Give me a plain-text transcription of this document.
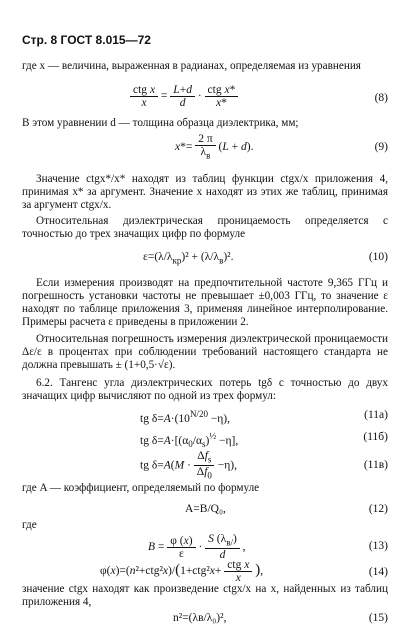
Стр. 8 ГОСТ 8.015—72

где x — величина, выраженная в радианах, определяемая из уравнения

$\frac{\text{ctg x}}{x} = \frac{L+d}{d} \cdot \frac{\text{ctg x*}}{x*}$	(8)

В этом уравнении d — толщина образца диэлектрика, мм;

$x*= \frac{2 \pi}{\lambda_в} (L + d)$.	(9)

Значение ctgx*/x* находят из таблиц функции ctgx/x приложения 4, принимая x* за аргумент. Значение x находят из этих же таблиц, принимая за аргумент ctgx/x.

Относительная диэлектрическая проницаемость определяется с точностью до трех значащих цифр по формуле

$\varepsilon=(\lambda/\lambda_{кр})^2 + (\lambda/\lambda_в)^2$.	(10)

Если измерения производят на предпочтительной частоте 9,365 ГГц и погрешность установки частоты не превышает ±0,003 ГГц, то значение ε находят по таблице приложения 3, применяя линейное интерполирование. Примеры расчета ε приведены в приложении 2.

Относительная погрешность измерения диэлектрической проницаемости Δε/ε в процентах при соблюдении требований настоящего стандарта не должна превышать ± (1+0,5·√ε).

6.2. Тангенс угла диэлектрических потерь tgδ с точностью до двух значащих цифр вычисляют по одной из трех формул:

tg $\delta=A\cdot(10^{N/20} -\eta)$,	(11а)
tg $\delta=A\cdot[(\alpha_0/\alpha_s)^{\frac{1}{2}} -\eta]$,	(11б)
tg $\delta=A(M \cdot \frac{\Delta f_s}{\Delta f_0} -\eta)$,	(11в)

где A — коэффициент, определяемый по формуле

A=B/Q₀,	(12)

где

$B = \frac{\varphi (x)}{\varepsilon} \cdot \frac{S (\lambda_{в/})}{d}$ ,	(13)
$\varphi(x)=(n^2+ctg^2x)/(1+ctg^2x+ \frac{\text{ctg x}}{x}$ ),	(14)

значение ctgx находят как произведение ctgx/x на x, найденных из таблиц приложения 4,

n²=(λв/λ₀)²,	(15)
